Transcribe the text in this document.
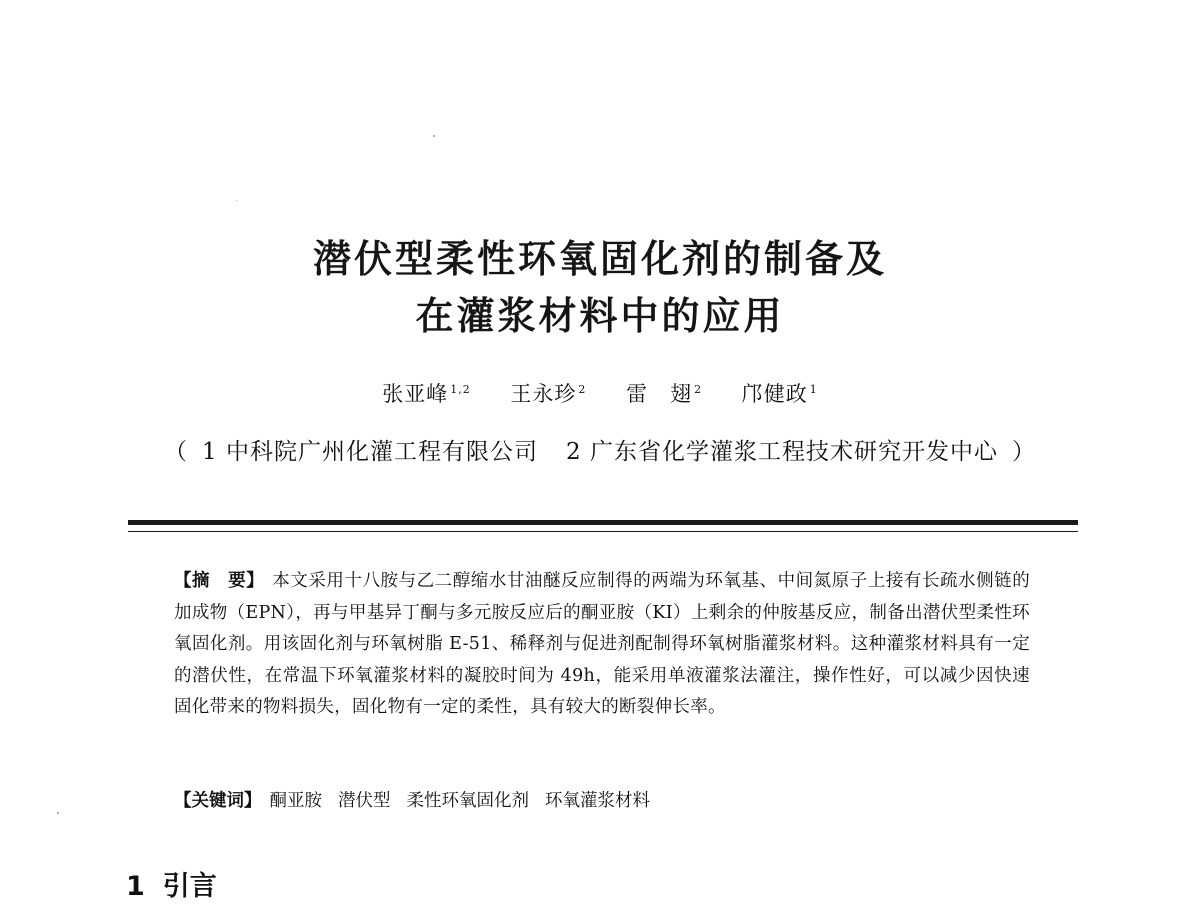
潜伏型柔性环氧固化剂的制备及
在灌浆材料中的应用
张亚峰 $^{1,2}$ 王永珍 $^2$ 雷　翅 $^2$ 邝健政 $^1$
（ 1 中科院广州化灌工程有限公司 2 广东省化学灌浆工程技术研究开发中心 ）
【摘　要】 本文采用十八胺与乙二醇缩水甘油醚反应制得的两端为环氧基、中间氮原子上接有长疏水侧链的加成物（EPN），再与甲基异丁酮与多元胺反应后的酮亚胺（KI）上剩余的仲胺基反应，制备出潜伏型柔性环氧固化剂。用该固化剂与环氧树脂 E-51、稀释剂与促进剂配制得环氧树脂灌浆材料。这种灌浆材料具有一定的潜伏性，在常温下环氧灌浆材料的凝胶时间为 49h，能采用单液灌浆法灌注，操作性好，可以减少因快速固化带来的物料损失，固化物有一定的柔性，具有较大的断裂伸长率。
【关键词】 酮亚胺 潜伏型 柔性环氧固化剂 环氧灌浆材料
1 引言
